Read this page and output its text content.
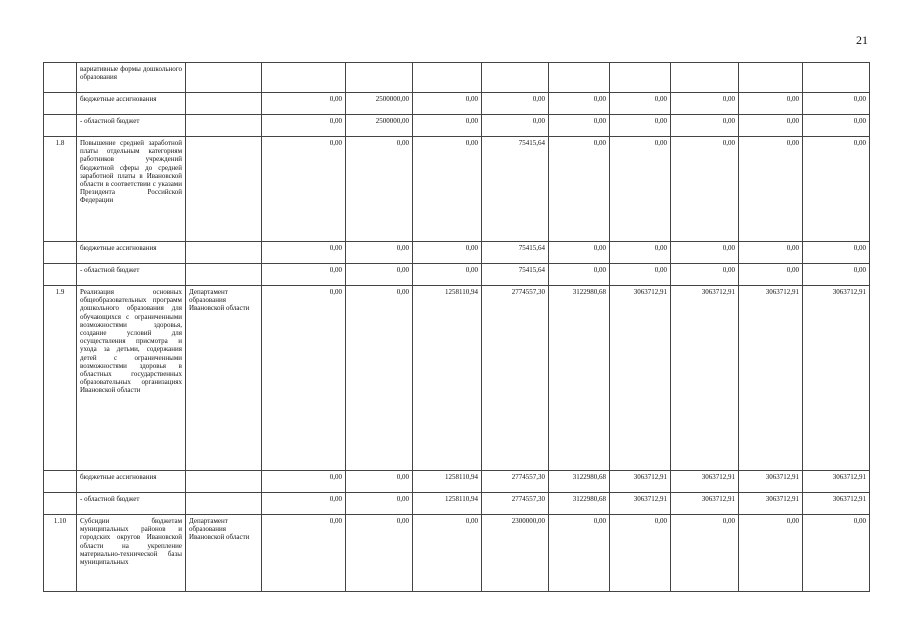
21
	вариативные формы дошкольного образования										
	бюджетные ассигнования		0,00	2500000,00	0,00	0,00	0,00	0,00	0,00	0,00	0,00
	- областной бюджет		0,00	2500000,00	0,00	0,00	0,00	0,00	0,00	0,00	0,00
1.8	Повышение средней заработной платы отдельным категориям работников учреждений бюджетной сферы до средней заработной платы в Ивановской области в соответствии с указами Президента Российской Федерации		0,00	0,00	0,00	75415,64	0,00	0,00	0,00	0,00	0,00
	бюджетные ассигнования		0,00	0,00	0,00	75415,64	0,00	0,00	0,00	0,00	0,00
	- областной бюджет		0,00	0,00	0,00	75415,64	0,00	0,00	0,00	0,00	0,00
1.9	Реализация основных общеобразовательных программ дошкольного образования для обучающихся с ограниченными возможностями здоровья, создание условий для осуществления присмотра и ухода за детьми, содержания детей с ограниченными возможностями здоровья в областных государственных образовательных организациях Ивановской области	Департамент образования Ивановской области	0,00	0,00	1258110,94	2774557,30	3122980,68	3063712,91	3063712,91	3063712,91	3063712,91
	бюджетные ассигнования		0,00	0,00	1258110,94	2774557,30	3122980,68	3063712,91	3063712,91	3063712,91	3063712,91
	- областной бюджет		0,00	0,00	1258110,94	2774557,30	3122980,68	3063712,91	3063712,91	3063712,91	3063712,91
1.10	Субсидии бюджетам муниципальных районов и городских округов Ивановской области на укрепление материально-технической базы муниципальных	Департамент образования Ивановской области	0,00	0,00	0,00	2300000,00	0,00	0,00	0,00	0,00	0,00
